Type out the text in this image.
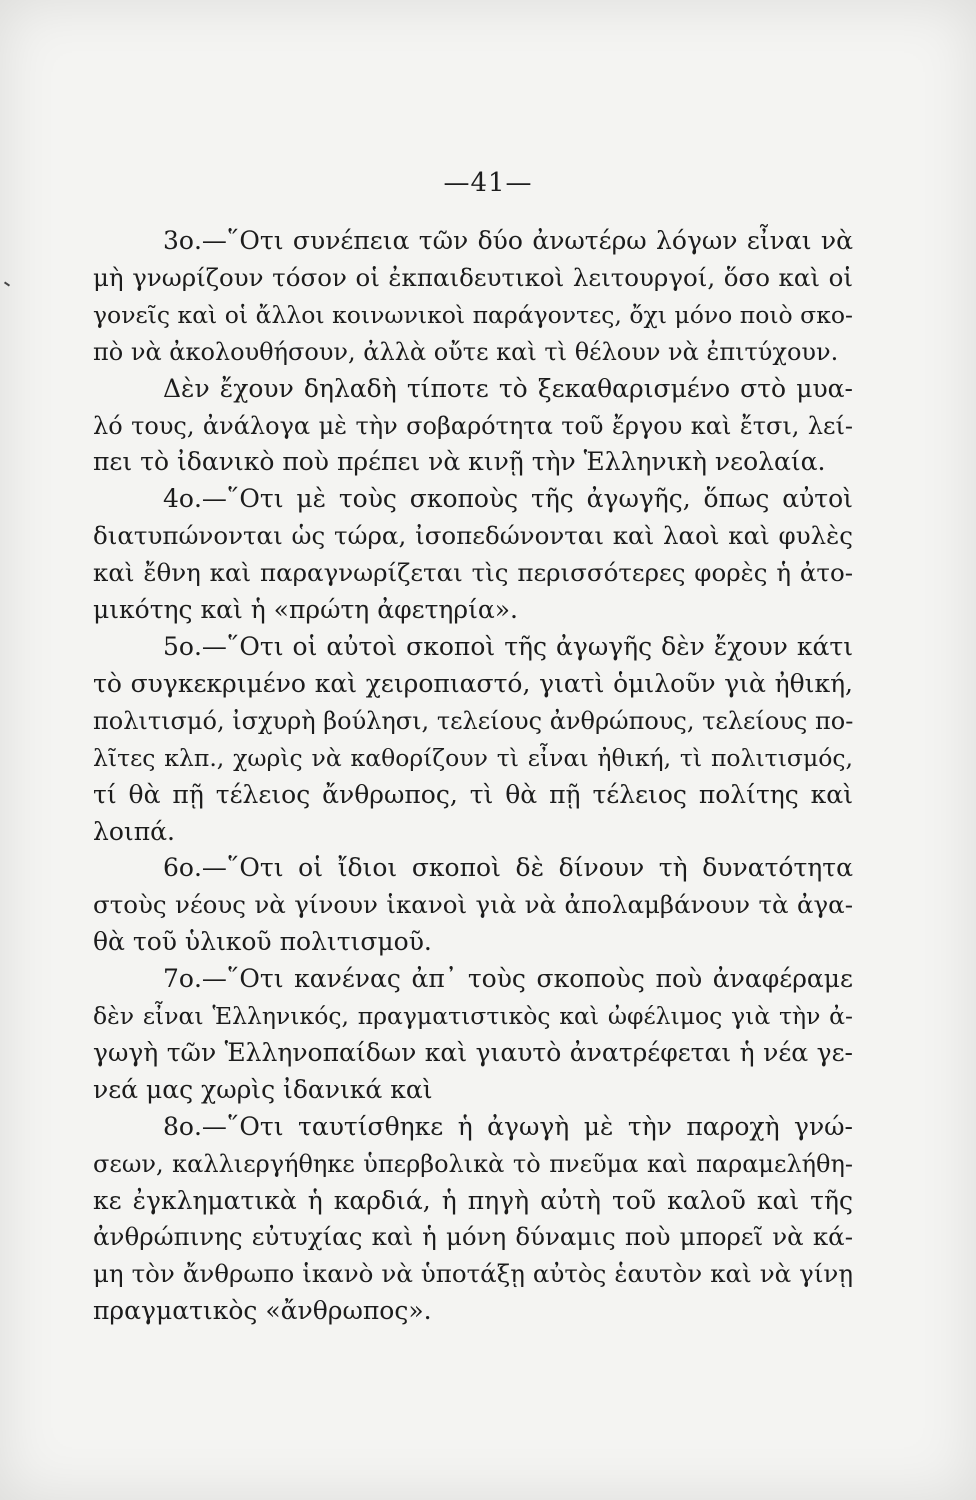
—41—
3ο.—῞Οτι συνέπεια τῶν δύο ἀνωτέρω λόγων εἶναι νὰ
μὴ γνωρίζουν τόσον οἱ ἐκπαιδευτικοὶ λειτουργοί, ὅσο καὶ οἱ
γονεῖς καὶ οἱ ἄλλοι κοινωνικοὶ παράγοντες, ὄχι μόνο ποιὸ σκο-
πὸ νὰ ἀκολουθήσουν, ἀλλὰ οὔτε καὶ τὶ θέλουν νὰ ἐπιτύχουν.
Δὲν ἔχουν δηλαδὴ τίποτε τὸ ξεκαθαρισμένο στὸ μυα-
λό τους, ἀνάλογα μὲ τὴν σοβαρότητα τοῦ ἔργου καὶ ἔτσι, λεί-
πει τὸ ἰδανικὸ ποὺ πρέπει νὰ κινῇ τὴν Ἑλληνικὴ νεολαία.
4ο.—῞Οτι μὲ τοὺς σκοποὺς τῆς ἀγωγῆς, ὅπως αὐτοὶ
διατυπώνονται ὡς τώρα, ἰσοπεδώνονται καὶ λαοὶ καὶ φυλὲς
καὶ ἔθνη καὶ παραγνωρίζεται τὶς περισσότερες φορὲς ἡ ἀτο-
μικότης καὶ ἡ «πρώτη ἀφετηρία».
5ο.—῞Οτι οἱ αὐτοὶ σκοποὶ τῆς ἀγωγῆς δὲν ἔχουν κάτι
τὸ συγκεκριμένο καὶ χειροπιαστό, γιατὶ ὁμιλοῦν γιὰ ἠθική,
πολιτισμό, ἰσχυρὴ βούλησι, τελείους ἀνθρώπους, τελείους πο-
λῖτες κλπ., χωρὶς νὰ καθορίζουν τὶ εἶναι ἠθική, τὶ πολιτισμός,
τί θὰ πῇ τέλειος ἄνθρωπος, τὶ θὰ πῇ τέλειος πολίτης καὶ
λοιπά.
6ο.—῞Οτι οἱ ἴδιοι σκοποὶ δὲ δίνουν τὴ δυνατότητα
στοὺς νέους νὰ γίνουν ἱκανοὶ γιὰ νὰ ἀπολαμβάνουν τὰ ἀγα-
θὰ τοῦ ὑλικοῦ πολιτισμοῦ.
7ο.—῞Οτι κανένας ἀπ᾽ τοὺς σκοποὺς ποὺ ἀναφέραμε
δὲν εἶναι Ἑλληνικός, πραγματιστικὸς καὶ ὠφέλιμος γιὰ τὴν ἀ-
γωγὴ τῶν Ἑλληνοπαίδων καὶ γιαυτὸ ἀνατρέφεται ἡ νέα γε-
νεά μας χωρὶς ἰδανικά καὶ
8ο.—῞Οτι ταυτίσθηκε ἡ ἀγωγὴ μὲ τὴν παροχὴ γνώ-
σεων, καλλιεργήθηκε ὑπερβολικὰ τὸ πνεῦμα καὶ παραμελήθη-
κε ἐγκληματικὰ ἡ καρδιά, ἡ πηγὴ αὐτὴ τοῦ καλοῦ καὶ τῆς
ἀνθρώπινης εὐτυχίας καὶ ἡ μόνη δύναμις ποὺ μπορεῖ νὰ κά-
μη τὸν ἄνθρωπο ἱκανὸ νὰ ὑποτάξῃ αὐτὸς ἑαυτὸν καὶ νὰ γίνῃ
πραγματικὸς «ἄνθρωπος».
